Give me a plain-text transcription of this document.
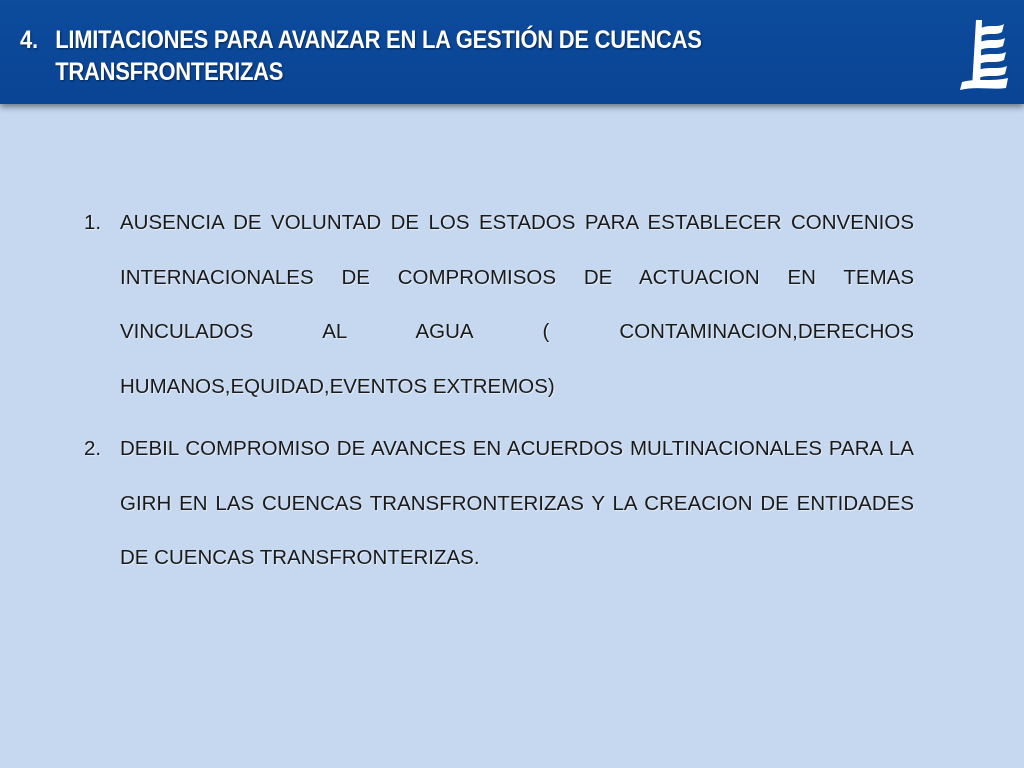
4. LIMITACIONES PARA AVANZAR EN LA GESTIÓN DE CUENCAS
TRANSFRONTERIZAS
1. AUSENCIA DE VOLUNTAD DE LOS ESTADOS PARA ESTABLECER CONVENIOS INTERNACIONALES DE COMPROMISOS DE ACTUACION EN TEMAS VINCULADOS AL AGUA ( CONTAMINACION,DERECHOS HUMANOS,EQUIDAD,EVENTOS EXTREMOS)
2. DEBIL COMPROMISO DE AVANCES EN ACUERDOS MULTINACIONALES PARA LA GIRH EN LAS CUENCAS TRANSFRONTERIZAS Y LA CREACION DE ENTIDADES DE CUENCAS TRANSFRONTERIZAS.
